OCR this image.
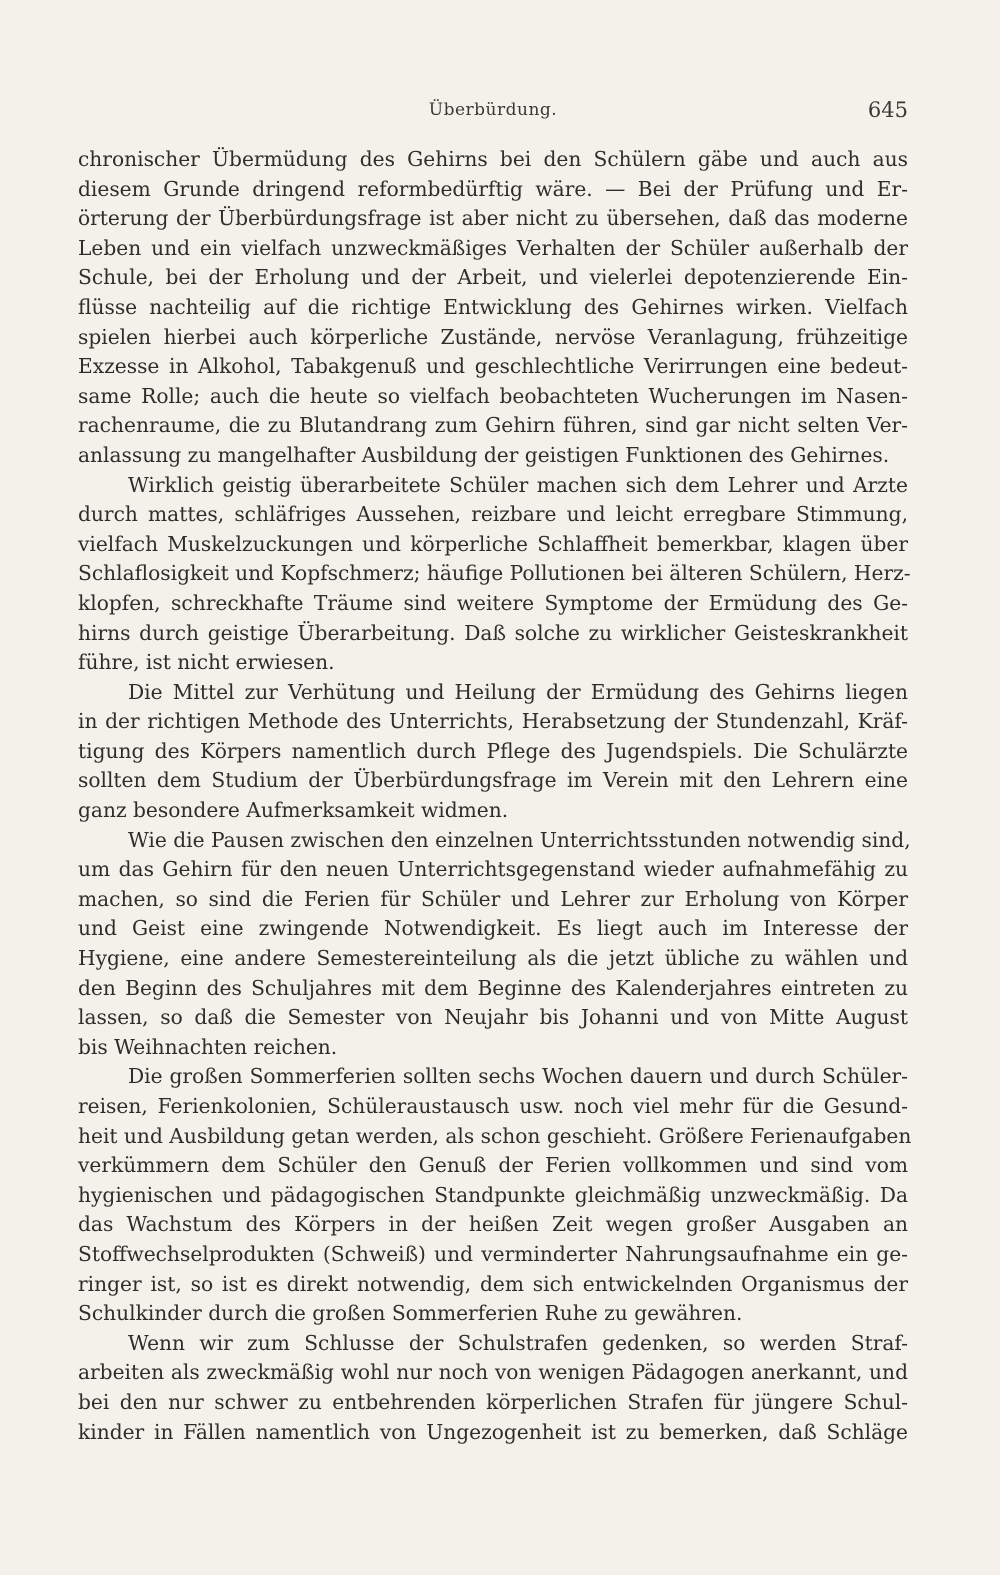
Überbürdung.	645
chronischer Übermüdung des Gehirns bei den Schülern gäbe und auch aus
diesem Grunde dringend reformbedürftig wäre. — Bei der Prüfung und Er-
örterung der Überbürdungsfrage ist aber nicht zu übersehen, daß das moderne
Leben und ein vielfach unzweckmäßiges Verhalten der Schüler außerhalb der
Schule, bei der Erholung und der Arbeit, und vielerlei depotenzierende Ein-
flüsse nachteilig auf die richtige Entwicklung des Gehirnes wirken. Vielfach
spielen hierbei auch körperliche Zustände, nervöse Veranlagung, frühzeitige
Exzesse in Alkohol, Tabakgenuß und geschlechtliche Verirrungen eine bedeut-
same Rolle; auch die heute so vielfach beobachteten Wucherungen im Nasen-
rachenraume, die zu Blutandrang zum Gehirn führen, sind gar nicht selten Ver-
anlassung zu mangelhafter Ausbildung der geistigen Funktionen des Gehirnes.
Wirklich geistig überarbeitete Schüler machen sich dem Lehrer und Arzte
durch mattes, schläfriges Aussehen, reizbare und leicht erregbare Stimmung,
vielfach Muskelzuckungen und körperliche Schlaffheit bemerkbar, klagen über
Schlaflosigkeit und Kopfschmerz; häufige Pollutionen bei älteren Schülern, Herz-
klopfen, schreckhafte Träume sind weitere Symptome der Ermüdung des Ge-
hirns durch geistige Überarbeitung. Daß solche zu wirklicher Geisteskrankheit
führe, ist nicht erwiesen.
Die Mittel zur Verhütung und Heilung der Ermüdung des Gehirns liegen
in der richtigen Methode des Unterrichts, Herabsetzung der Stundenzahl, Kräf-
tigung des Körpers namentlich durch Pflege des Jugendspiels. Die Schulärzte
sollten dem Studium der Überbürdungsfrage im Verein mit den Lehrern eine
ganz besondere Aufmerksamkeit widmen.
Wie die Pausen zwischen den einzelnen Unterrichtsstunden notwendig sind,
um das Gehirn für den neuen Unterrichtsgegenstand wieder aufnahmefähig zu
machen, so sind die Ferien für Schüler und Lehrer zur Erholung von Körper
und Geist eine zwingende Notwendigkeit. Es liegt auch im Interesse der
Hygiene, eine andere Semestereinteilung als die jetzt übliche zu wählen und
den Beginn des Schuljahres mit dem Beginne des Kalenderjahres eintreten zu
lassen, so daß die Semester von Neujahr bis Johanni und von Mitte August
bis Weihnachten reichen.
Die großen Sommerferien sollten sechs Wochen dauern und durch Schüler-
reisen, Ferienkolonien, Schüleraustausch usw. noch viel mehr für die Gesund-
heit und Ausbildung getan werden, als schon geschieht. Größere Ferienaufgaben
verkümmern dem Schüler den Genuß der Ferien vollkommen und sind vom
hygienischen und pädagogischen Standpunkte gleichmäßig unzweckmäßig. Da
das Wachstum des Körpers in der heißen Zeit wegen großer Ausgaben an
Stoffwechselprodukten (Schweiß) und verminderter Nahrungsaufnahme ein ge-
ringer ist, so ist es direkt notwendig, dem sich entwickelnden Organismus der
Schulkinder durch die großen Sommerferien Ruhe zu gewähren.
Wenn wir zum Schlusse der Schulstrafen gedenken, so werden Straf-
arbeiten als zweckmäßig wohl nur noch von wenigen Pädagogen anerkannt, und
bei den nur schwer zu entbehrenden körperlichen Strafen für jüngere Schul-
kinder in Fällen namentlich von Ungezogenheit ist zu bemerken, daß Schläge
